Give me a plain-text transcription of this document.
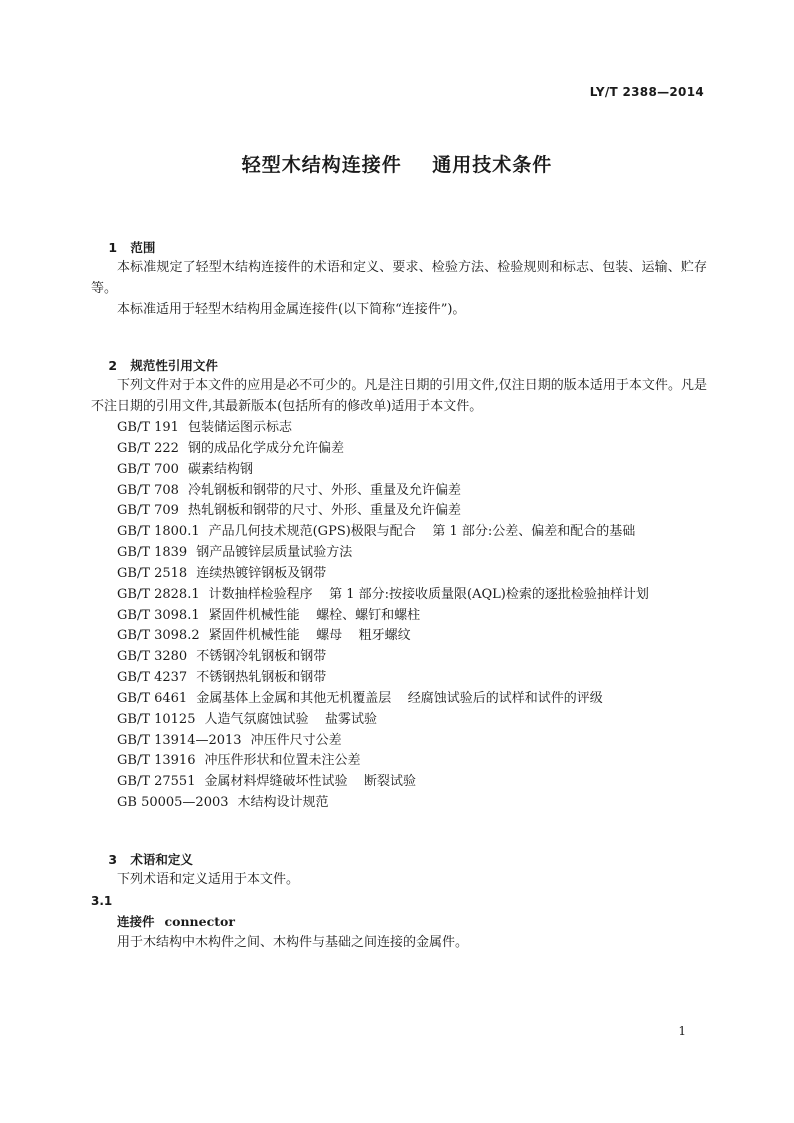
LY/T 2388—2014
轻型木结构连接件    通用技术条件

1 范围

本标准规定了轻型木结构连接件的术语和定义、要求、检验方法、检验规则和标志、包装、运输、贮存等。

本标准适用于轻型木结构用金属连接件(以下简称“连接件”)。

2 规范性引用文件

下列文件对于本文件的应用是必不可少的。凡是注日期的引用文件,仅注日期的版本适用于本文件。凡是不注日期的引用文件,其最新版本(包括所有的修改单)适用于本文件。

GB/T 191 包装储运图示标志
GB/T 222 钢的成品化学成分允许偏差
GB/T 700 碳素结构钢
GB/T 708 冷轧钢板和钢带的尺寸、外形、重量及允许偏差
GB/T 709 热轧钢板和钢带的尺寸、外形、重量及允许偏差
GB/T 1800.1 产品几何技术规范(GPS)极限与配合    第 1 部分:公差、偏差和配合的基础
GB/T 1839 钢产品镀锌层质量试验方法
GB/T 2518 连续热镀锌钢板及钢带
GB/T 2828.1 计数抽样检验程序    第 1 部分:按接收质量限(AQL)检索的逐批检验抽样计划
GB/T 3098.1 紧固件机械性能    螺栓、螺钉和螺柱
GB/T 3098.2 紧固件机械性能    螺母    粗牙螺纹
GB/T 3280 不锈钢冷轧钢板和钢带
GB/T 4237 不锈钢热轧钢板和钢带
GB/T 6461 金属基体上金属和其他无机覆盖层    经腐蚀试验后的试样和试件的评级
GB/T 10125 人造气氛腐蚀试验    盐雾试验
GB/T 13914—2013 冲压件尺寸公差
GB/T 13916 冲压件形状和位置未注公差
GB/T 27551 金属材料焊缝破坏性试验    断裂试验
GB 50005—2003 木结构设计规范

3 术语和定义

下列术语和定义适用于本文件。

3.1
连接件 connector

用于木结构中木构件之间、木构件与基础之间连接的金属件。

1
